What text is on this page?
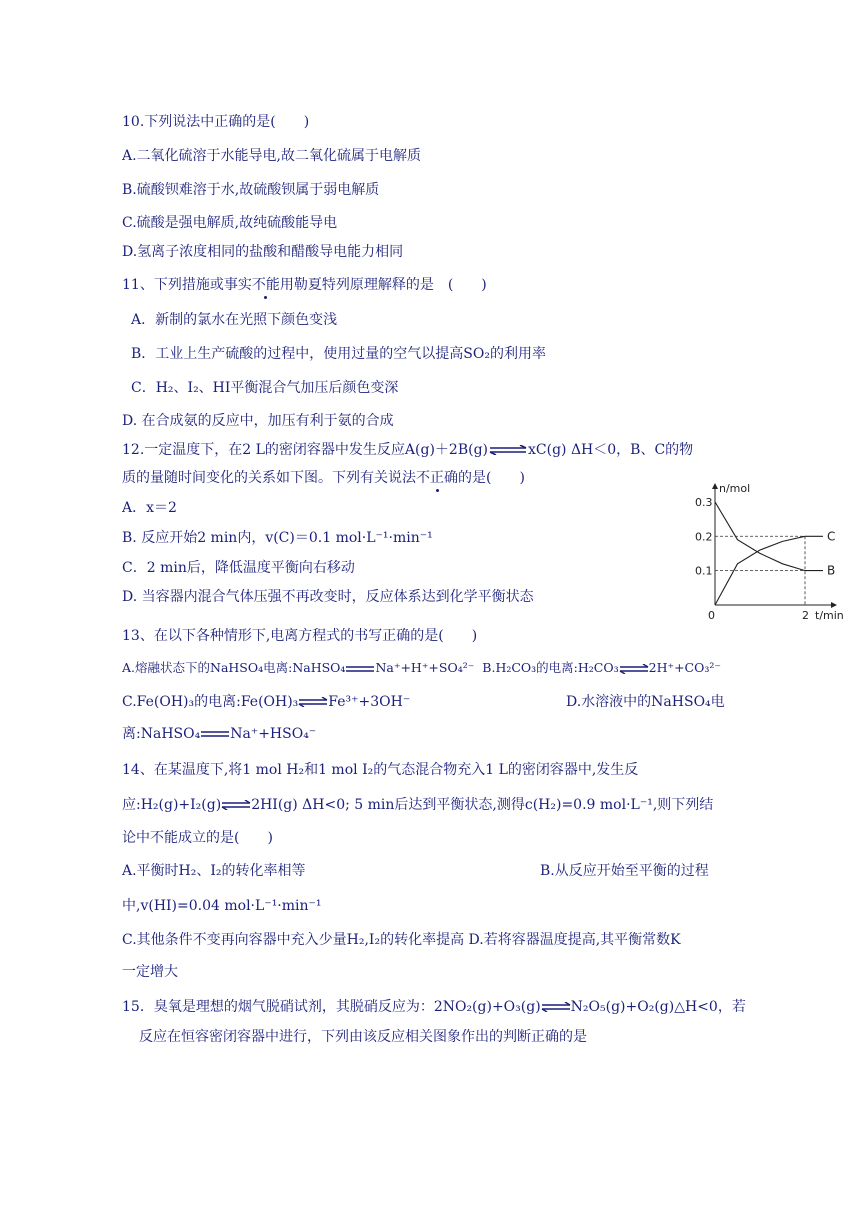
10.下列说法中正确的是(　　)
A.二氧化硫溶于水能导电,故二氧化硫属于电解质
B.硫酸钡难溶于水,故硫酸钡属于弱电解质
C.硫酸是强电解质,故纯硫酸能导电
D.氢离子浓度相同的盐酸和醋酸导电能力相同
11、下列措施或事实不能用勒夏特列原理解释的是　(　　)
A．新制的氯水在光照下颜色变浅
B．工业上生产硫酸的过程中，使用过量的空气以提高SO₂的利用率
C．H₂、I₂、HI平衡混合气加压后颜色变深
D. 在合成氨的反应中，加压有利于氨的合成
12.一定温度下，在2 L的密闭容器中发生反应A(g)＋2B(g)⇌xC(g) ΔH＜0，B、C的物
质的量随时间变化的关系如下图。下列有关说法不正确的是(　　)
A．x＝2
B. 反应开始2 min内，v(C)＝0.1 mol·L⁻¹·min⁻¹
C．2 min后，降低温度平衡向右移动
D. 当容器内混合气体压强不再改变时，反应体系达到化学平衡状态
n/mol
t/min
0.3
0.2
0.1
0	2
C
B
13、在以下各种情形下,电离方程式的书写正确的是(　　)
A.熔融状态下的NaHSO₄电离:NaHSO₄ Na⁺+H⁺+SO₄²⁻ B.H₂CO₃的电离:H₂CO₃⇌2H⁺+CO₃²⁻
C.Fe(OH)₃的电离:Fe(OH)₃⇌Fe³⁺+3OH⁻	D.水溶液中的NaHSO₄电
离:NaHSO₄ Na⁺+HSO₄⁻
14、在某温度下,将1 mol H₂和1 mol I₂的气态混合物充入1 L的密闭容器中,发生反
应:H₂(g)+I₂(g)⇌2HI(g) ΔH<0; 5 min后达到平衡状态,测得c(H₂)=0.9 mol·L⁻¹,则下列结
论中不能成立的是(　　)
A.平衡时H₂、I₂的转化率相等	B.从反应开始至平衡的过程
中,v(HI)=0.04 mol·L⁻¹·min⁻¹
C.其他条件不变再向容器中充入少量H₂,I₂的转化率提高 D.若将容器温度提高,其平衡常数K
一定增大
15．臭氧是理想的烟气脱硝试剂，其脱硝反应为：2NO₂(g)+O₃(g)⇌N₂O₅(g)+O₂(g)△H<0，若
反应在恒容密闭容器中进行，下列由该反应相关图象作出的判断正确的是
